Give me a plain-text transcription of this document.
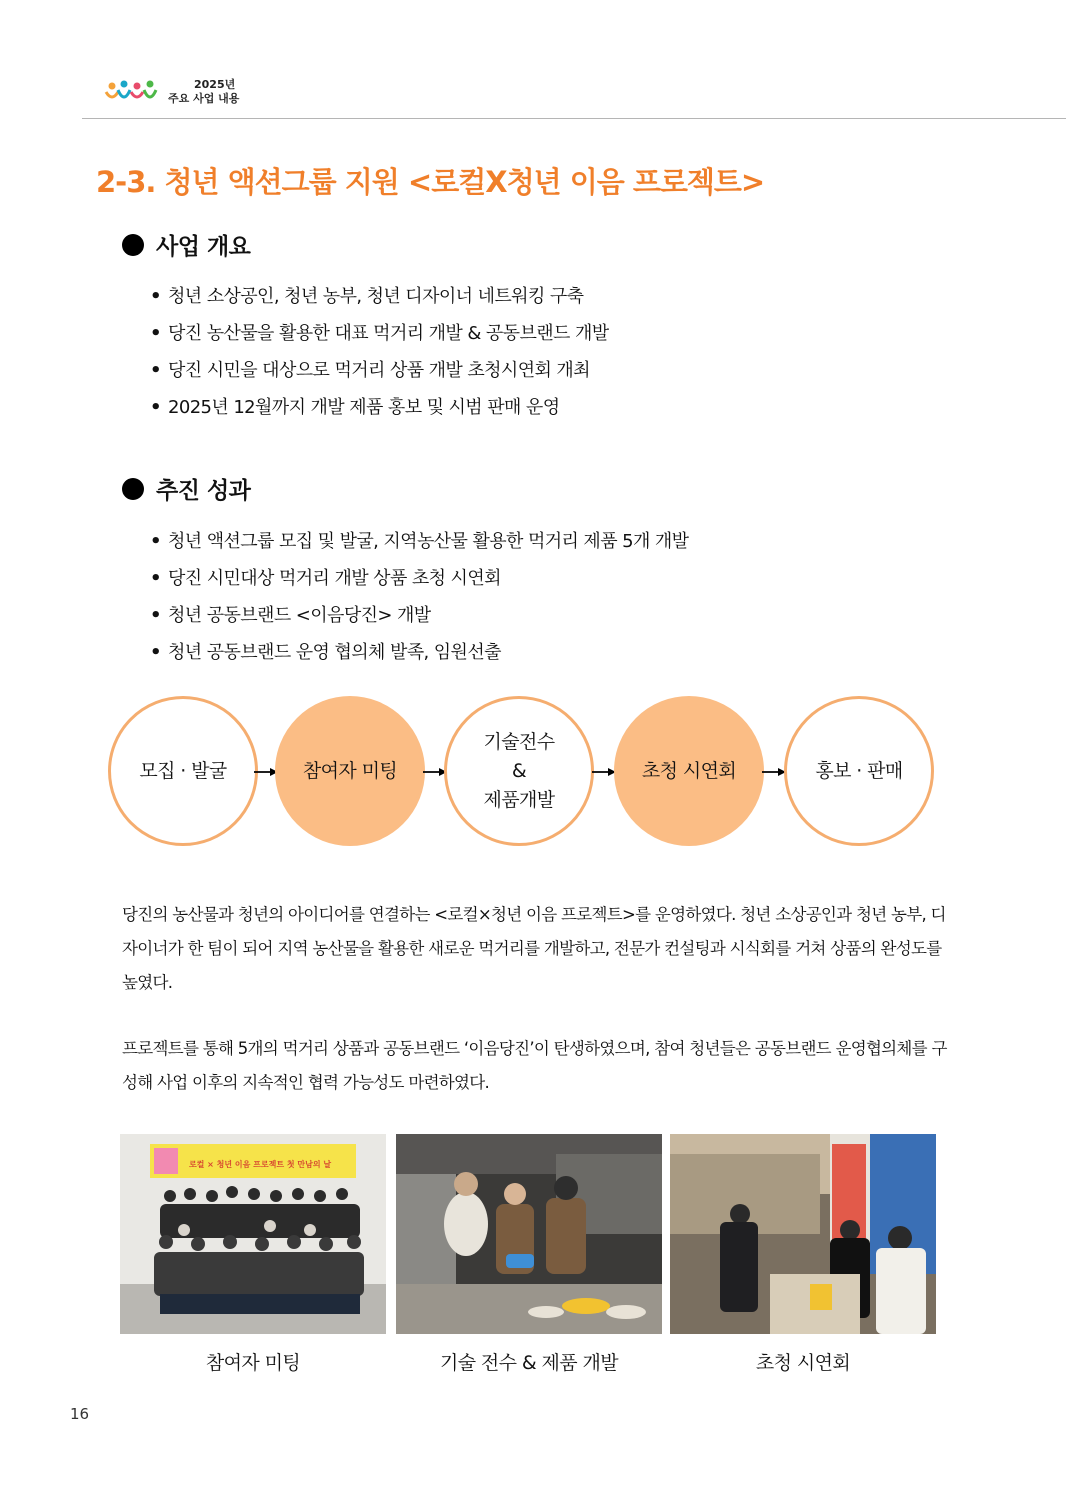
2025년
주요 사업 내용
2-3. 청년 액션그룹 지원 <로컬X청년 이음 프로젝트>
사업 개요
• 청년 소상공인, 청년 농부, 청년 디자이너 네트워킹 구축
• 당진 농산물을 활용한 대표 먹거리 개발 & 공동브랜드 개발
• 당진 시민을 대상으로 먹거리 상품 개발 초청시연회 개최
• 2025년 12월까지 개발 제품 홍보 및 시범 판매 운영
추진 성과
• 청년 액션그룹 모집 및 발굴, 지역농산물 활용한 먹거리 제품 5개 개발
• 당진 시민대상 먹거리 개발 상품 초청 시연회
• 청년 공동브랜드 <이음당진> 개발
• 청년 공동브랜드 운영 협의체 발족, 임원선출
모집 · 발굴	참여자 미팅
기술전수
&
제품개발
초청 시연회	홍보 · 판매

당진의 농산물과 청년의 아이디어를 연결하는 <로컬×청년 이음 프로젝트>를 운영하였다. 청년 소상공인과 청년 농부, 디자이너가 한 팀이 되어 지역 농산물을 활용한 새로운 먹거리를 개발하고, 전문가 컨설팅과 시식회를 거쳐 상품의 완성도를 높였다.

프로젝트를 통해 5개의 먹거리 상품과 공동브랜드 ‘이음당진’이 탄생하였으며, 참여 청년들은 공동브랜드 운영협의체를 구성해 사업 이후의 지속적인 협력 가능성도 마련하였다.

로컬 × 청년 이음 프로젝트 첫 만남의 날
참여자 미팅	기술 전수 & 제품 개발	초청 시연회
16
